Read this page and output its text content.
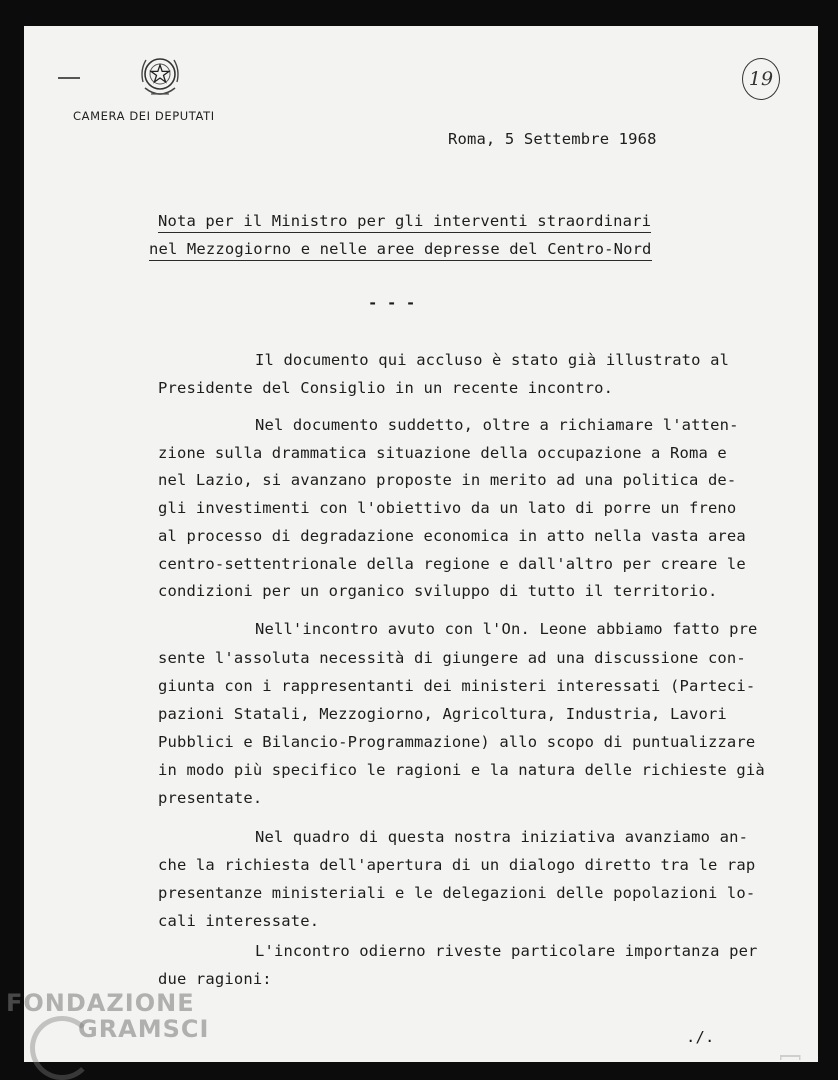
CAMERA DEI DEPUTATI
19
Roma, 5 Settembre 1968
Nota per il Ministro per gli interventi straordinari
nel Mezzogiorno e nelle aree depresse del Centro-Nord
- - -
Il documento qui accluso è stato già illustrato al
Presidente del Consiglio in un recente incontro.
Nel documento suddetto, oltre a richiamare l'atten-
zione sulla drammatica situazione della occupazione a Roma e
nel Lazio, si avanzano proposte in merito ad una politica de-
gli investimenti con l'obiettivo da un lato di porre un freno
al processo di degradazione economica in atto nella vasta area
centro-settentrionale della regione e dall'altro per creare le
condizioni per un organico sviluppo di tutto il territorio.
Nell'incontro avuto con l'On. Leone abbiamo fatto pre
sente l'assoluta necessità di giungere ad una discussione con-
giunta con i rappresentanti dei ministeri interessati (Parteci-
pazioni Statali, Mezzogiorno, Agricoltura, Industria, Lavori
Pubblici e Bilancio-Programmazione) allo scopo di puntualizzare
in modo più specifico le ragioni e la natura delle richieste già
presentate.
Nel quadro di questa nostra iniziativa avanziamo an-
che la richiesta dell'apertura di un dialogo diretto tra le rap
presentanze ministeriali e le delegazioni delle popolazioni lo-
cali interessate.
L'incontro odierno riveste particolare importanza per
due ragioni:
./.
FONDAZIONE
GRAMSCI
